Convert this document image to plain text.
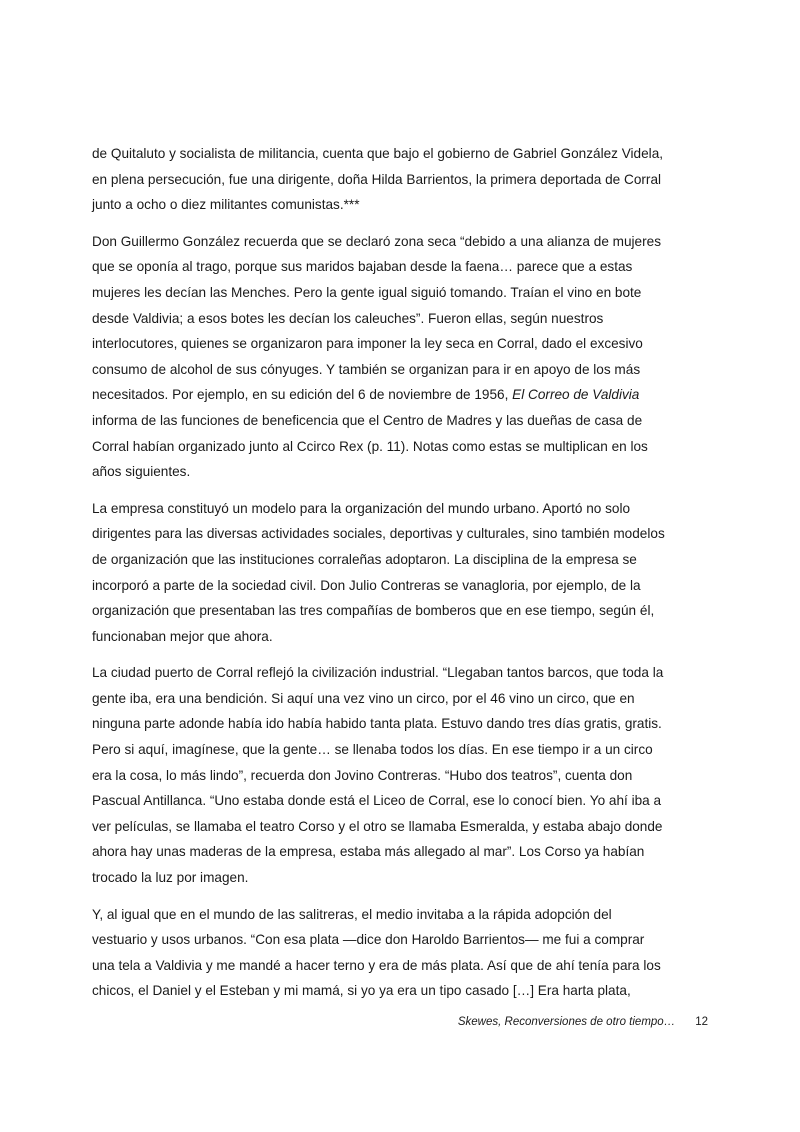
de Quitaluto y socialista de militancia, cuenta que bajo el gobierno de Gabriel González Videla,
en plena persecución, fue una dirigente, doña Hilda Barrientos, la primera deportada de Corral
junto a ocho o diez militantes comunistas.***

Don Guillermo González recuerda que se declaró zona seca “debido a una alianza de mujeres
que se oponía al trago, porque sus maridos bajaban desde la faena… parece que a estas
mujeres les decían las Menches. Pero la gente igual siguió tomando. Traían el vino en bote
desde Valdivia; a esos botes les decían los caleuches”. Fueron ellas, según nuestros
interlocutores, quienes se organizaron para imponer la ley seca en Corral, dado el excesivo
consumo de alcohol de sus cónyuges. Y también se organizan para ir en apoyo de los más
necesitados. Por ejemplo, en su edición del 6 de noviembre de 1956, El Correo de Valdivia
informa de las funciones de beneficencia que el Centro de Madres y las dueñas de casa de
Corral habían organizado junto al Ccirco Rex (p. 11). Notas como estas se multiplican en los
años siguientes.

La empresa constituyó un modelo para la organización del mundo urbano. Aportó no solo
dirigentes para las diversas actividades sociales, deportivas y culturales, sino también modelos
de organización que las instituciones corraleñas adoptaron. La disciplina de la empresa se
incorporó a parte de la sociedad civil. Don Julio Contreras se vanagloria, por ejemplo, de la
organización que presentaban las tres compañías de bomberos que en ese tiempo, según él,
funcionaban mejor que ahora.

La ciudad puerto de Corral reflejó la civilización industrial. “Llegaban tantos barcos, que toda la
gente iba, era una bendición. Si aquí una vez vino un circo, por el 46 vino un circo, que en
ninguna parte adonde había ido había habido tanta plata. Estuvo dando tres días gratis, gratis.
Pero si aquí, imagínese, que la gente… se llenaba todos los días. En ese tiempo ir a un circo
era la cosa, lo más lindo”, recuerda don Jovino Contreras. “Hubo dos teatros”, cuenta don
Pascual Antillanca. “Uno estaba donde está el Liceo de Corral, ese lo conocí bien. Yo ahí iba a
ver películas, se llamaba el teatro Corso y el otro se llamaba Esmeralda, y estaba abajo donde
ahora hay unas maderas de la empresa, estaba más allegado al mar”. Los Corso ya habían
trocado la luz por imagen.

Y, al igual que en el mundo de las salitreras, el medio invitaba a la rápida adopción del
vestuario y usos urbanos. “Con esa plata —dice don Haroldo Barrientos— me fui a comprar
una tela a Valdivia y me mandé a hacer terno y era de más plata. Así que de ahí tenía para los
chicos, el Daniel y el Esteban y mi mamá, si yo ya era un tipo casado […] Era harta plata,

Skewes, Reconversiones de otro tiempo… 12
